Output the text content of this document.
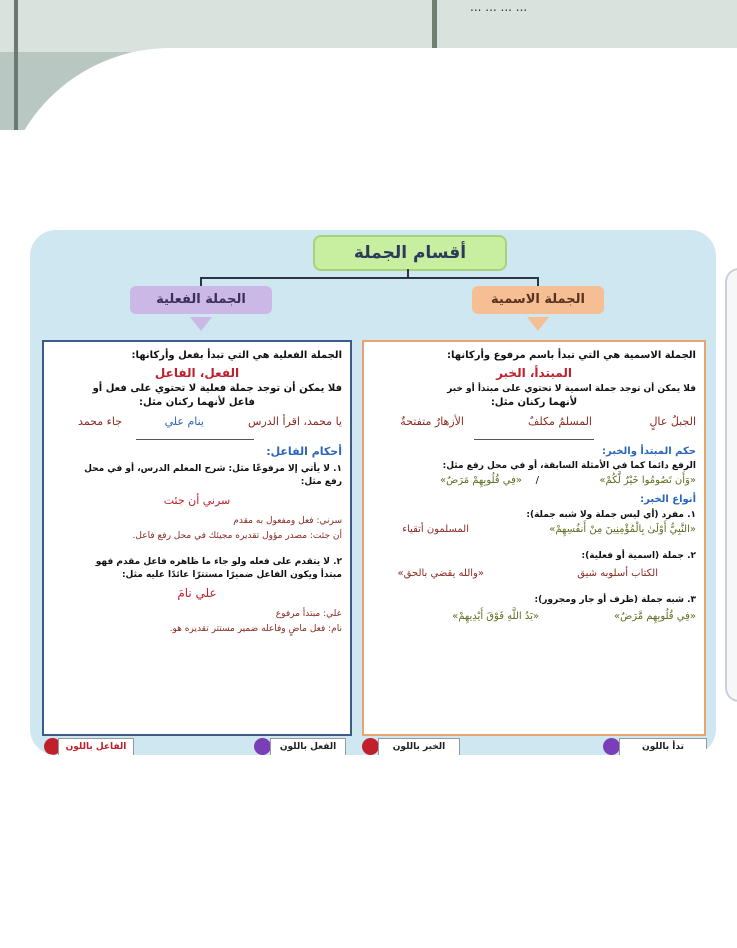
... ... ... ...
أقسام الجملة
الجملة الفعلية	الجملة الاسمية
الجملة الفعلية هي التي تبدأ بفعل وأركانها:
الفعل، الفاعل
فلا يمكن أن توجد جملة فعلية لا تحتوي على فعل أو
فاعل لأنهما ركنان مثل:
جاء محمد	ينام علي	يا محمد، اقرأ الدرس
أحكام الفاعل:
١. لا يأتي إلا مرفوعًا مثل: شرح المعلم الدرس، أو في محل
رفع مثل:
سرني أن جئت
سرني: فعل ومفعول به مقدم
أن جئت: مصدر مؤول تقديره مجيئك في محل رفع فاعل.
٢. لا يتقدم على فعله ولو جاء ما ظاهره فاعل مقدم فهو
مبتدأ ويكون الفاعل ضميرًا مستترًا عائدًا عليه مثل:
علي نامَ
علي: مبتدأ مرفوع
نام: فعل ماضٍ وفاعله ضمير مستتر تقديره هو.
الجملة الاسمية هي التي تبدأ باسم مرفوع وأركانها:
المبتدأ، الخبر
فلا يمكن أن توجد جملة اسمية لا تحتوي على مبتدأ أو خبر
لأنهما ركنان مثل:
الجبلُ عالٍ
المسلمُ مكلفٌ
الأزهارُ متفتحةٌ
حكم المبتدأ والخبر:
الرفع دائما كما في الأمثلة السابقة، أو في محل رفع مثل:
«وَأَن تَصُومُوا خَيْرٌ لَّكُمْ»
/
«فِي قُلُوبِهِمْ مَرَضٌ»
أنواع الخبر:
١. مفرد (أي ليس جملة ولا شبه جملة):
«النَّبِيُّ أَوْلَىٰ بِالْمُؤْمِنِينَ مِنْ أَنفُسِهِمْ»
المسلمون أتقياء
٢. جملة (اسمية أو فعلية):
الكتاب أسلوبه شيق
«والله يقضي بالحق»
٣. شبه جملة (ظرف أو جار ومجرور):
«فِي قُلُوبِهِم مَّرَضٌ»
«يَدُ اللَّهِ فَوْقَ أَيْدِيهِمْ»
الفاعل باللون	الفعل باللون	الخبر باللون	تدأ باللون
